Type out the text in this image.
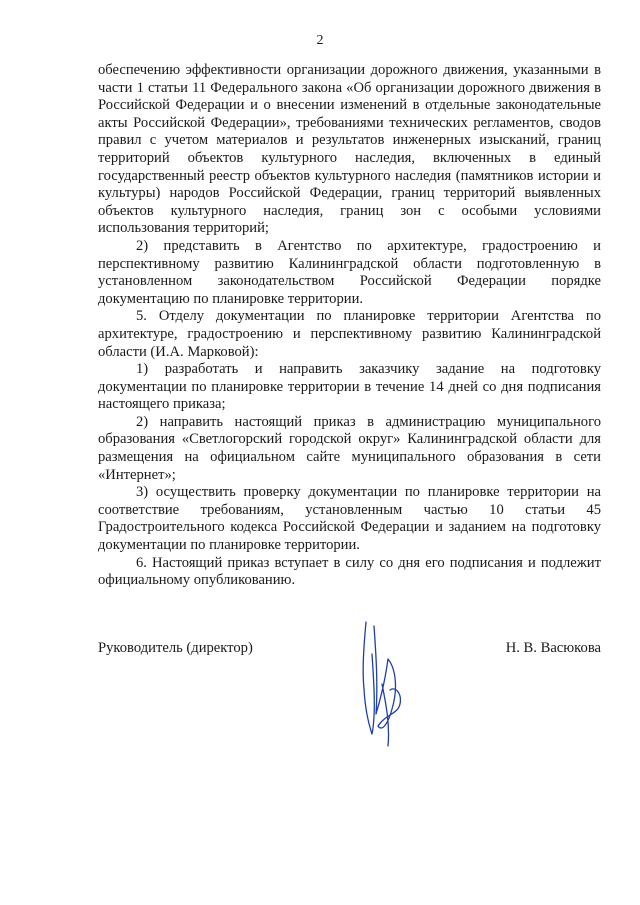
2

обеспечению эффективности организации дорожного движения, указанными в части 1 статьи 11 Федерального закона «Об организации дорожного движения в Российской Федерации и о внесении изменений в отдельные законодательные акты Российской Федерации», требованиями технических регламентов, сводов правил с учетом материалов и результатов инженерных изысканий, границ территорий объектов культурного наследия, включенных в единый государственный реестр объектов культурного наследия (памятников истории и культуры) народов Российской Федерации, границ территорий выявленных объектов культурного наследия, границ зон с особыми условиями использования территорий;

2) представить в Агентство по архитектуре, градостроению и перспективному развитию Калининградской области подготовленную в установленном законодательством Российской Федерации порядке документацию по планировке территории.

5. Отделу документации по планировке территории Агентства по архитектуре, градостроению и перспективному развитию Калининградской области (И.А. Марковой):

1) разработать и направить заказчику задание на подготовку документации по планировке территории в течение 14 дней со дня подписания настоящего приказа;

2) направить настоящий приказ в администрацию муниципального образования «Светлогорский городской округ» Калининградской области для размещения на официальном сайте муниципального образования в сети «Интернет»;

3) осуществить проверку документации по планировке территории на соответствие требованиям, установленным частью 10 статьи 45 Градостроительного кодекса Российской Федерации и заданием на подготовку документации по планировке территории.

6. Настоящий приказ вступает в силу со дня его подписания и подлежит официальному опубликованию.

Руководитель (директор)	Н. В. Васюкова
